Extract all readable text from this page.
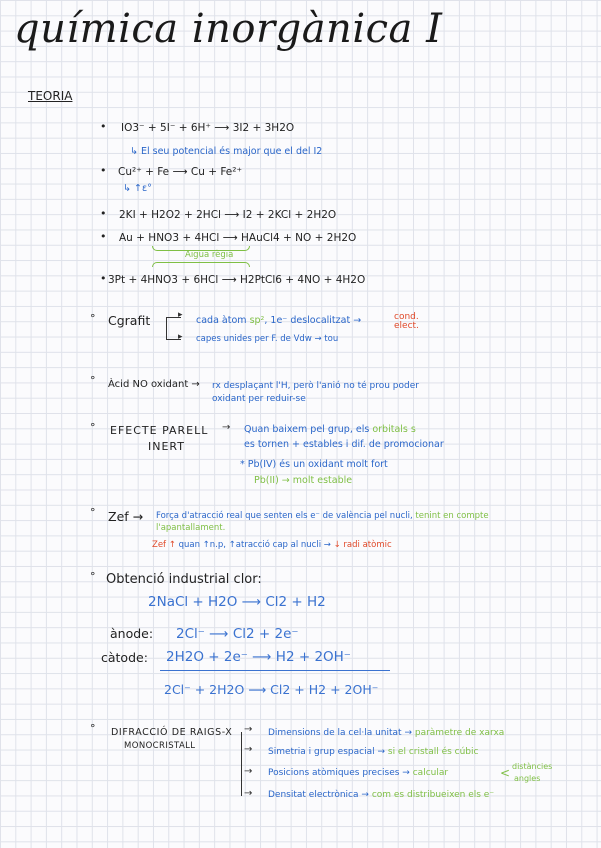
química inorgànica I
TEORIA
• IO3⁻ + 5I⁻ + 6H⁺ ⟶ 3I2 + 3H2O
↳ El seu potencial és major que el del I2
• Cu²⁺ + Fe ⟶ Cu + Fe²⁺
↳ ↑ε°
• 2KI + H2O2 + 2HCl ⟶ I2 + 2KCl + 2H2O
• Au + HNO3 + 4HCl ⟶ HAuCl4 + NO + 2H2O
Aigua règia
• 3Pt + 4HNO3 + 6HCl ⟶ H2PtCl6 + 4NO + 4H2O
° Cgrafit	▸
▸
cada àtom sp², 1e⁻ deslocalitzat →	cond. elect.
capes unides per F. de Vdw → tou
° Àcid NO oxidant → rx desplaçant l'H, però l'anió no té prou poder oxidant per reduir-se
° EFECTE PARELL →
INERT
Quan baixem pel grup, els orbitals s
es tornen + estables i dif. de promocionar
* Pb(IV) és un oxidant molt fort
Pb(II) → molt estable
° Zef → Força d'atracció real que senten els e⁻ de valència pel nucli, tenint en compte l'apantallament.
Zef ↑ quan ↑n.p, ↑atracció cap al nucli → ↓ radi atòmic
° Obtenció industrial clor:
2NaCl + H2O ⟶ Cl2 + H2
ànode: 2Cl⁻ ⟶ Cl2 + 2e⁻
càtode: 2H2O + 2e⁻ ⟶ H2 + 2OH⁻
2Cl⁻ + 2H2O ⟶ Cl2 + H2 + 2OH⁻
° DIFRACCIÓ DE RAIGS-X
MONOCRISTALL
→
→
→
→
Dimensions de la cel·la unitat → paràmetre de xarxa
Simetria i grup espacial → si el cristall és cúbic
Posicions atòmiques precises → calcular	< distàncies
angles
Densitat electrònica → com es distribueixen els e⁻
